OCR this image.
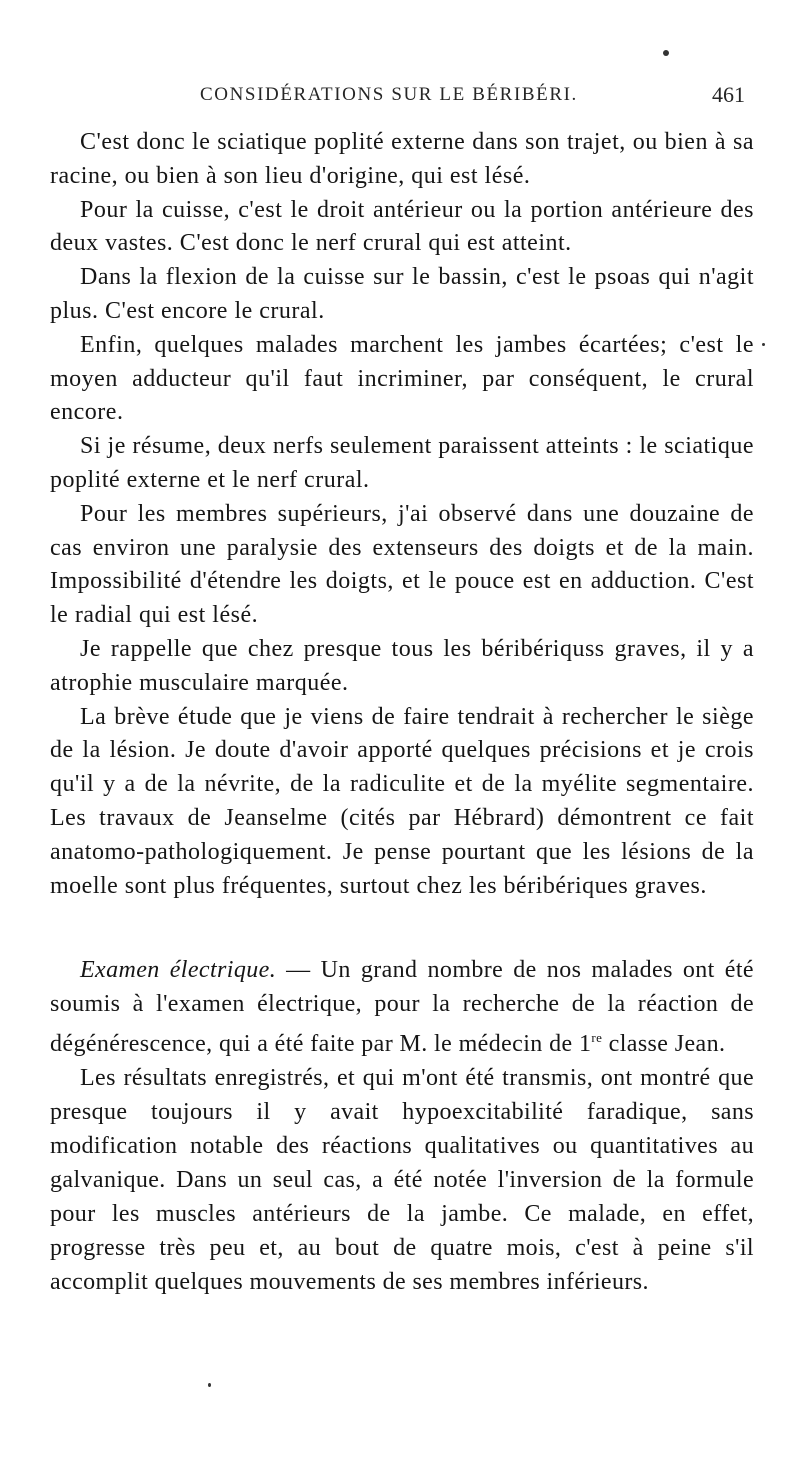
CONSIDÉRATIONS SUR LE BÉRIBÉRI.	461

C'est donc le sciatique poplité externe dans son trajet, ou bien à sa racine, ou bien à son lieu d'origine, qui est lésé.

Pour la cuisse, c'est le droit antérieur ou la portion antérieure des deux vastes. C'est donc le nerf crural qui est atteint.

Dans la flexion de la cuisse sur le bassin, c'est le psoas qui n'agit plus. C'est encore le crural.

Enfin, quelques malades marchent les jambes écartées; c'est le moyen adducteur qu'il faut incriminer, par conséquent, le crural encore.

Si je résume, deux nerfs seulement paraissent atteints : le sciatique poplité externe et le nerf crural.

Pour les membres supérieurs, j'ai observé dans une douzaine de cas environ une paralysie des extenseurs des doigts et de la main. Impossibilité d'étendre les doigts, et le pouce est en adduction. C'est le radial qui est lésé.

Je rappelle que chez presque tous les béribériquss graves, il y a atrophie musculaire marquée.

La brève étude que je viens de faire tendrait à rechercher le siège de la lésion. Je doute d'avoir apporté quelques précisions et je crois qu'il y a de la névrite, de la radiculite et de la myélite segmentaire. Les travaux de Jeanselme (cités par Hébrard) démontrent ce fait anatomo-pathologiquement. Je pense pourtant que les lésions de la moelle sont plus fréquentes, surtout chez les béribériques graves.

Examen électrique. — Un grand nombre de nos malades ont été soumis à l'examen électrique, pour la recherche de la réaction de dégénérescence, qui a été faite par M. le médecin de 1re classe Jean.

Les résultats enregistrés, et qui m'ont été transmis, ont montré que presque toujours il y avait hypoexcitabilité faradique, sans modification notable des réactions qualitatives ou quantitatives au galvanique. Dans un seul cas, a été notée l'inversion de la formule pour les muscles antérieurs de la jambe. Ce malade, en effet, progresse très peu et, au bout de quatre mois, c'est à peine s'il accomplit quelques mouvements de ses membres inférieurs.
